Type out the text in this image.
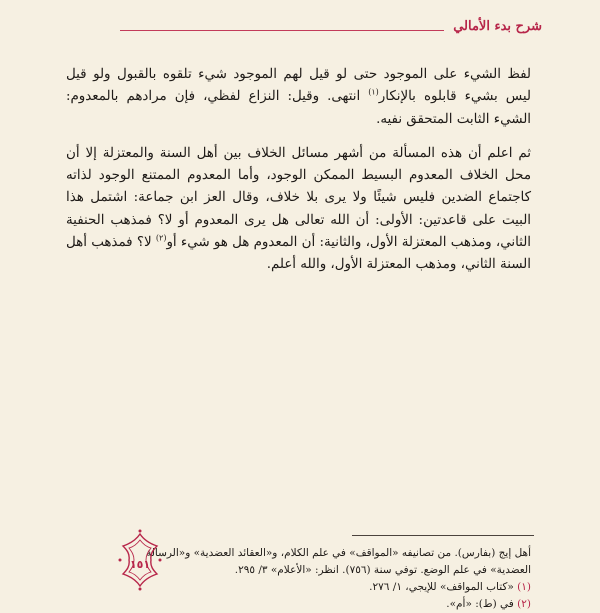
شرح بدء الأمالي

لفظ الشيء على الموجود حتى لو قيل لهم الموجود شيء تلقوه بالقبول ولو قيل ليس بشيء قابلوه بالإنكار$^{(١)}$ انتهى. وقيل: النزاع لفظي، فإن مرادهم بالمعدوم: الشيء الثابت المتحقق نفيه.

ثم اعلم أن هذه المسألة من أشهر مسائل الخلاف بين أهل السنة والمعتزلة إلا أن محل الخلاف المعدوم البسيط الممكن الوجود، وأما المعدوم الممتنع الوجود لذاته كاجتماع الضدين فليس شيئًا ولا يرى بلا خلاف، وقال العز ابن جماعة: اشتمل هذا البيت على قاعدتين: الأولى: أن الله تعالى هل يرى المعدوم أو لا؟ فمذهب الحنفية الثاني، ومذهب المعتزلة الأول، والثانية: أن المعدوم هل هو شيء أو$^{(٢)}$ لا؟ فمذهب أهل السنة الثاني، ومذهب المعتزلة الأول، والله أعلم.

أهل إيج (بفارس). من تصانيفه «المواقف» في علم الكلام، و«العقائد العضدية» و«الرسالة

العضدية» في علم الوضع. توفي سنة (٧٥٦). انظر: «الأعلام» ٣/ ٢٩٥.

(١) «كتاب المواقف» للإيجي، ١/ ٢٧٦.

(٢) في (ط): «أم».

١٥١
